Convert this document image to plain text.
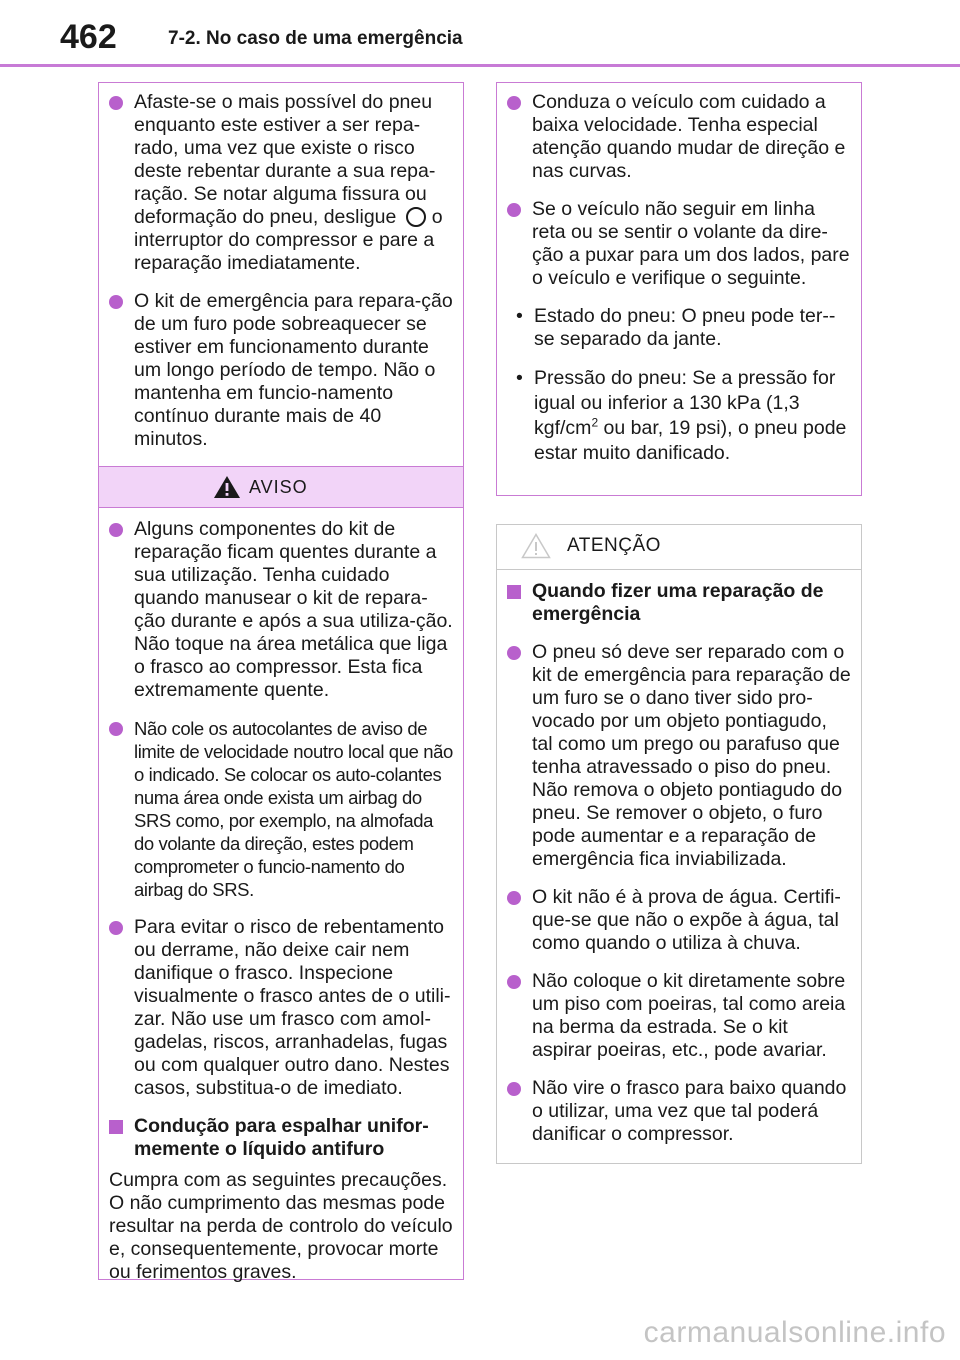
462	7-2. No caso de uma emergência
Afaste-se o mais possível do pneu enquanto este estiver a ser repa-rado, uma vez que existe o risco deste rebentar durante a sua repa-ração. Se notar alguma fissura ou deformação do pneu, desligue o interruptor do compressor e pare a reparação imediatamente.
O kit de emergência para repara-ção de um furo pode sobreaquecer se estiver em funcionamento durante um longo período de tempo. Não o mantenha em funcio-namento contínuo durante mais de 40 minutos.
AVISO
Alguns componentes do kit de reparação ficam quentes durante a sua utilização. Tenha cuidado quando manusear o kit de repara-ção durante e após a sua utiliza-ção. Não toque na área metálica que liga o frasco ao compressor. Esta fica extremamente quente.
Não cole os autocolantes de aviso de limite de velocidade noutro local que não o indicado. Se colocar os auto-colantes numa área onde exista um airbag do SRS como, por exemplo, na almofada do volante da direção, estes podem comprometer o funcio-namento do airbag do SRS.
Para evitar o risco de rebentamento ou derrame, não deixe cair nem danifique o frasco. Inspecione visualmente o frasco antes de o utili-zar. Não use um frasco com amol-gadelas, riscos, arranhadelas, fugas ou com qualquer outro dano. Nestes casos, substitua-o de imediato.
Condução para espalhar unifor-memente o líquido antifuro
Cumpra com as seguintes precauções. O não cumprimento das mesmas pode resultar na perda de controlo do veículo e, consequentemente, provocar morte ou ferimentos graves.
Conduza o veículo com cuidado a baixa velocidade. Tenha especial atenção quando mudar de direção e nas curvas.
Se o veículo não seguir em linha reta ou se sentir o volante da dire-ção a puxar para um dos lados, pare o veículo e verifique o seguinte.
• Estado do pneu: O pneu pode ter--se separado da jante.
• Pressão do pneu: Se a pressão for igual ou inferior a 130 kPa (1,3 kgf/$cm^2$ ou bar, 19 psi), o pneu pode estar muito danificado.
ATENÇÃO
Quando fizer uma reparação de emergência
O pneu só deve ser reparado com o kit de emergência para reparação de um furo se o dano tiver sido pro-vocado por um objeto pontiagudo, tal como um prego ou parafuso que tenha atravessado o piso do pneu. Não remova o objeto pontiagudo do pneu. Se remover o objeto, o furo pode aumentar e a reparação de emergência fica inviabilizada.
O kit não é à prova de água. Certifi-que-se que não o expõe à água, tal como quando o utiliza à chuva.
Não coloque o kit diretamente sobre um piso com poeiras, tal como areia na berma da estrada. Se o kit aspirar poeiras, etc., pode avariar.
Não vire o frasco para baixo quando o utilizar, uma vez que tal poderá danificar o compressor.
carmanualsonline.info
